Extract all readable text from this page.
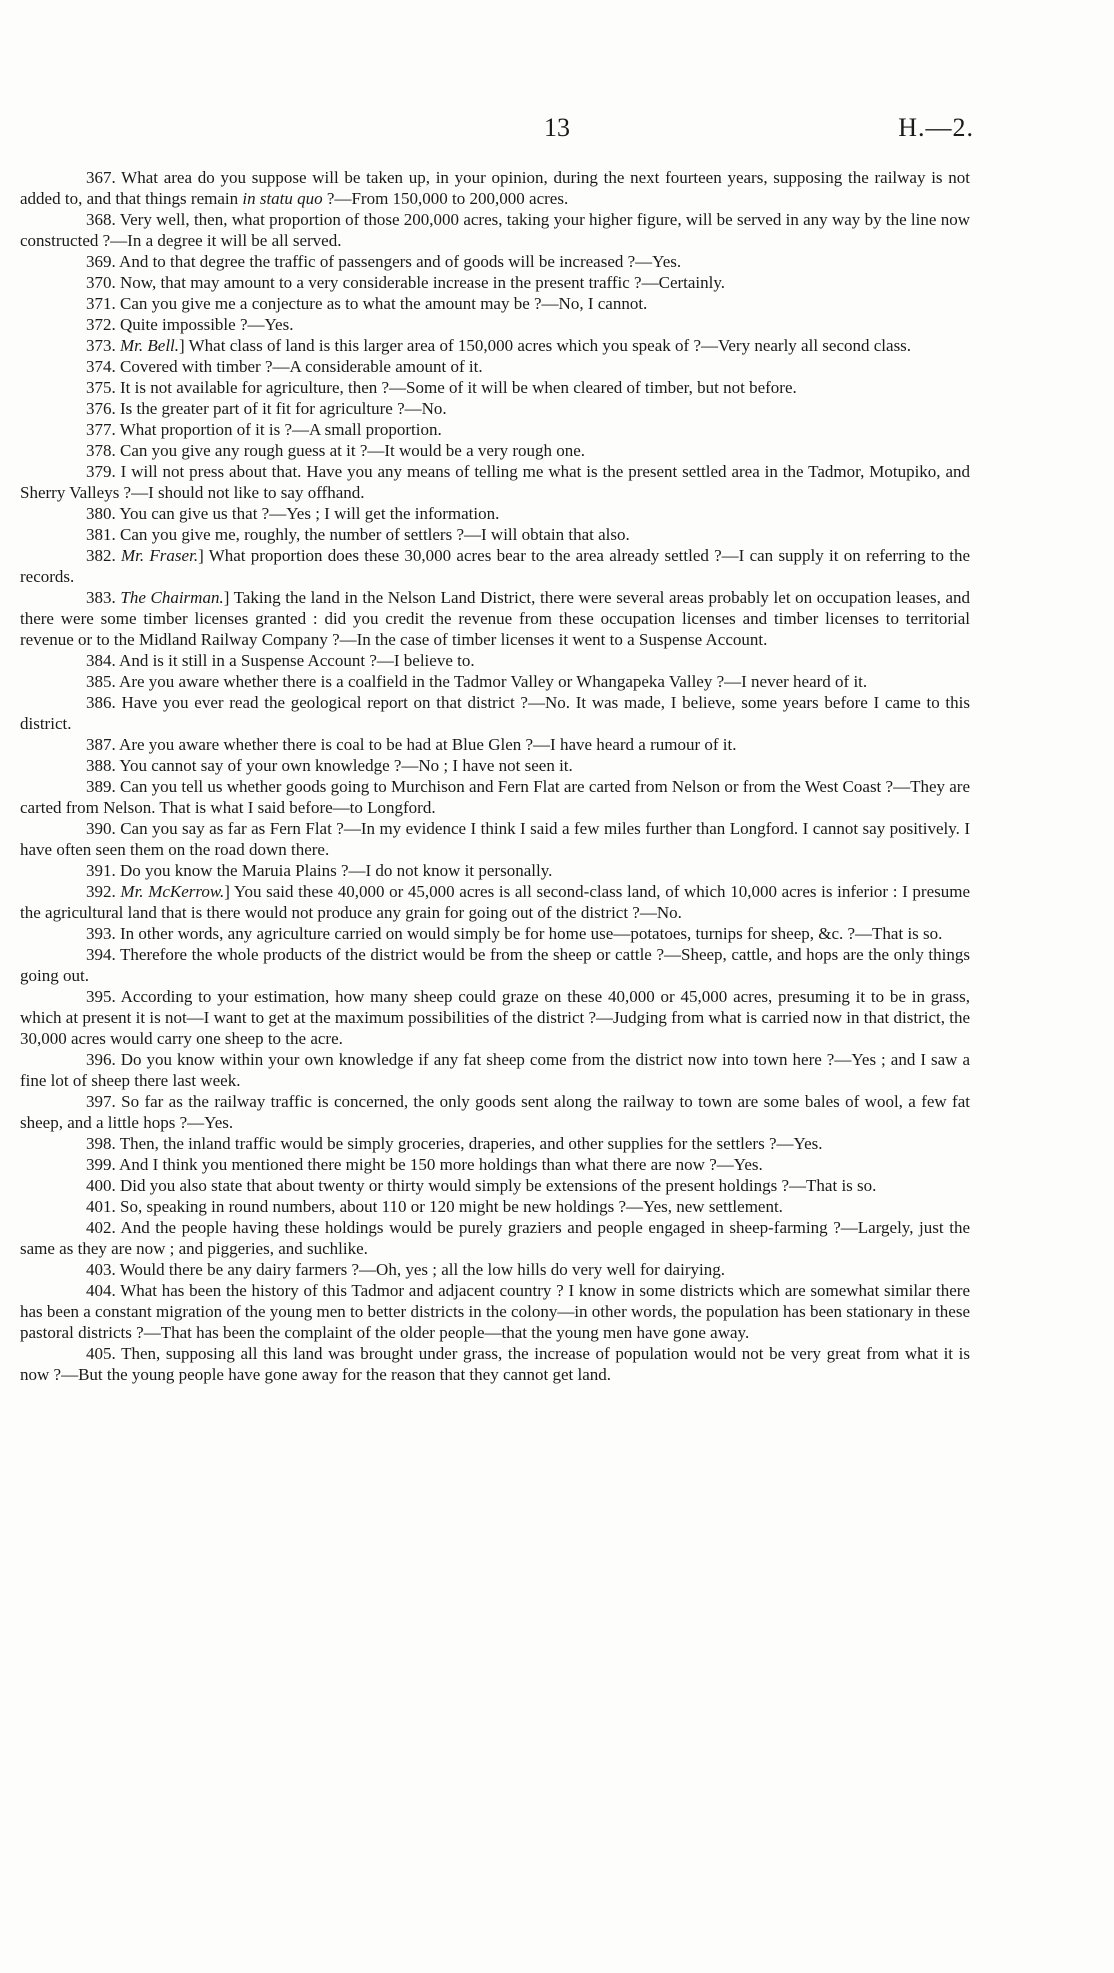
13	H.—2.

367. What area do you suppose will be taken up, in your opinion, during the next fourteen years, supposing the railway is not added to, and that things remain in statu quo ?—From 150,000 to 200,000 acres.

368. Very well, then, what proportion of those 200,000 acres, taking your higher figure, will be served in any way by the line now constructed ?—In a degree it will be all served.

369. And to that degree the traffic of passengers and of goods will be increased ?—Yes.

370. Now, that may amount to a very considerable increase in the present traffic ?—Certainly.

371. Can you give me a conjecture as to what the amount may be ?—No, I cannot.

372. Quite impossible ?—Yes.

373. Mr. Bell.] What class of land is this larger area of 150,000 acres which you speak of ?—Very nearly all second class.

374. Covered with timber ?—A considerable amount of it.

375. It is not available for agriculture, then ?—Some of it will be when cleared of timber, but not before.

376. Is the greater part of it fit for agriculture ?—No.

377. What proportion of it is ?—A small proportion.

378. Can you give any rough guess at it ?—It would be a very rough one.

379. I will not press about that. Have you any means of telling me what is the present settled area in the Tadmor, Motupiko, and Sherry Valleys ?—I should not like to say offhand.

380. You can give us that ?—Yes ; I will get the information.

381. Can you give me, roughly, the number of settlers ?—I will obtain that also.

382. Mr. Fraser.] What proportion does these 30,000 acres bear to the area already settled ?—I can supply it on referring to the records.

383. The Chairman.] Taking the land in the Nelson Land District, there were several areas probably let on occupation leases, and there were some timber licenses granted : did you credit the revenue from these occupation licenses and timber licenses to territorial revenue or to the Midland Railway Company ?—In the case of timber licenses it went to a Suspense Account.

384. And is it still in a Suspense Account ?—I believe to.

385. Are you aware whether there is a coalfield in the Tadmor Valley or Whangapeka Valley ?—I never heard of it.

386. Have you ever read the geological report on that district ?—No. It was made, I believe, some years before I came to this district.

387. Are you aware whether there is coal to be had at Blue Glen ?—I have heard a rumour of it.

388. You cannot say of your own knowledge ?—No ; I have not seen it.

389. Can you tell us whether goods going to Murchison and Fern Flat are carted from Nelson or from the West Coast ?—They are carted from Nelson. That is what I said before—to Longford.

390. Can you say as far as Fern Flat ?—In my evidence I think I said a few miles further than Longford. I cannot say positively. I have often seen them on the road down there.

391. Do you know the Maruia Plains ?—I do not know it personally.

392. Mr. McKerrow.] You said these 40,000 or 45,000 acres is all second-class land, of which 10,000 acres is inferior : I presume the agricultural land that is there would not produce any grain for going out of the district ?—No.

393. In other words, any agriculture carried on would simply be for home use—potatoes, turnips for sheep, &c. ?—That is so.

394. Therefore the whole products of the district would be from the sheep or cattle ?—Sheep, cattle, and hops are the only things going out.

395. According to your estimation, how many sheep could graze on these 40,000 or 45,000 acres, presuming it to be in grass, which at present it is not—I want to get at the maximum possibilities of the district ?—Judging from what is carried now in that district, the 30,000 acres would carry one sheep to the acre.

396. Do you know within your own knowledge if any fat sheep come from the district now into town here ?—Yes ; and I saw a fine lot of sheep there last week.

397. So far as the railway traffic is concerned, the only goods sent along the railway to town are some bales of wool, a few fat sheep, and a little hops ?—Yes.

398. Then, the inland traffic would be simply groceries, draperies, and other supplies for the settlers ?—Yes.

399. And I think you mentioned there might be 150 more holdings than what there are now ?—Yes.

400. Did you also state that about twenty or thirty would simply be extensions of the present holdings ?—That is so.

401. So, speaking in round numbers, about 110 or 120 might be new holdings ?—Yes, new settlement.

402. And the people having these holdings would be purely graziers and people engaged in sheep-farming ?—Largely, just the same as they are now ; and piggeries, and suchlike.

403. Would there be any dairy farmers ?—Oh, yes ; all the low hills do very well for dairying.

404. What has been the history of this Tadmor and adjacent country ? I know in some districts which are somewhat similar there has been a constant migration of the young men to better districts in the colony—in other words, the population has been stationary in these pastoral districts ?—That has been the complaint of the older people—that the young men have gone away.

405. Then, supposing all this land was brought under grass, the increase of population would not be very great from what it is now ?—But the young people have gone away for the reason that they cannot get land.
